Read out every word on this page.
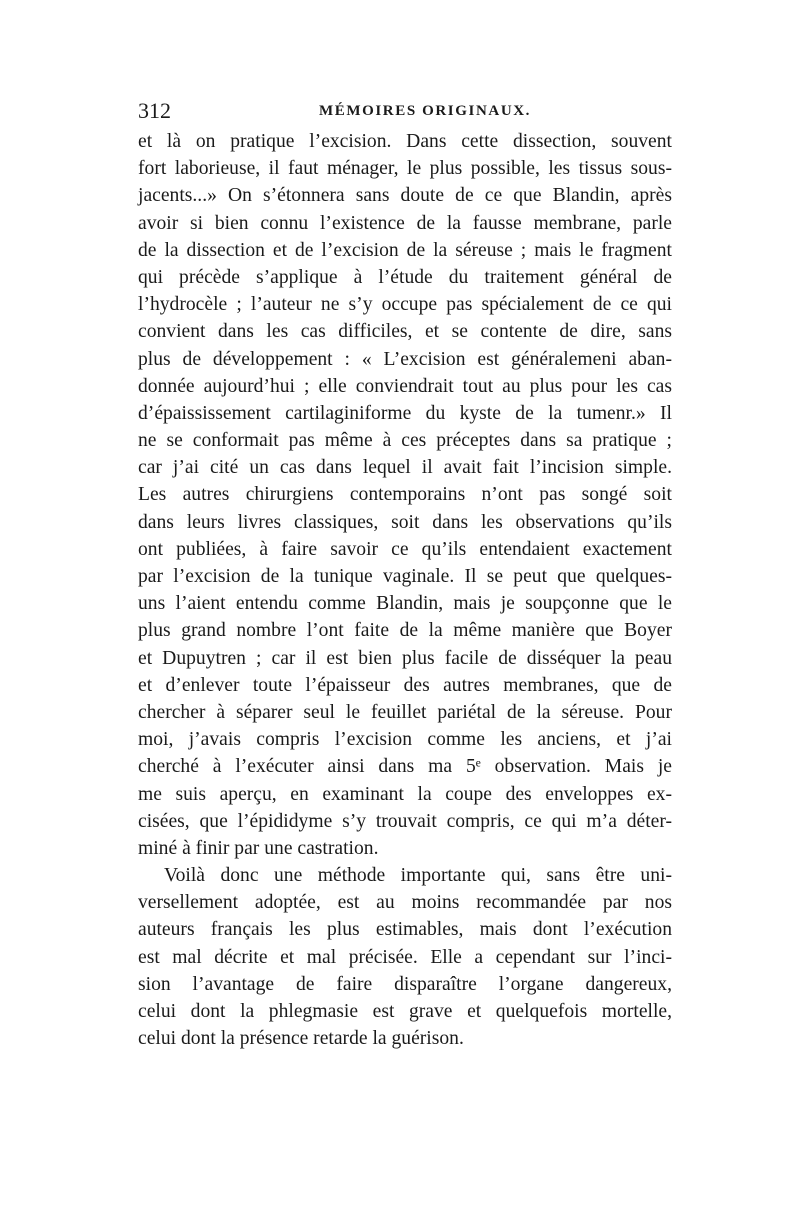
312	MÉMOIRES ORIGINAUX.
et là on pratique l’excision. Dans cette dissection, souvent
fort laborieuse, il faut ménager, le plus possible, les tissus sous-
jacents...» On s’étonnera sans doute de ce que Blandin, après
avoir si bien connu l’existence de la fausse membrane, parle
de la dissection et de l’excision de la séreuse ; mais le fragment
qui précède s’applique à l’étude du traitement général de
l’hydrocèle ; l’auteur ne s’y occupe pas spécialement de ce qui
convient dans les cas difficiles, et se contente de dire, sans
plus de développement : « L’excision est généralemeni aban-
donnée aujourd’hui ; elle conviendrait tout au plus pour les cas
d’épaississement cartilaginiforme du kyste de la tumenr.» Il
ne se conformait pas même à ces préceptes dans sa pratique ;
car j’ai cité un cas dans lequel il avait fait l’incision simple.
Les autres chirurgiens contemporains n’ont pas songé soit
dans leurs livres classiques, soit dans les observations qu’ils
ont publiées, à faire savoir ce qu’ils entendaient exactement
par l’excision de la tunique vaginale. Il se peut que quelques-
uns l’aient entendu comme Blandin, mais je soupçonne que le
plus grand nombre l’ont faite de la même manière que Boyer
et Dupuytren ; car il est bien plus facile de disséquer la peau
et d’enlever toute l’épaisseur des autres membranes, que de
chercher à séparer seul le feuillet pariétal de la séreuse. Pour
moi, j’avais compris l’excision comme les anciens, et j’ai
cherché à l’exécuter ainsi dans ma 5ᵉ observation. Mais je
me suis aperçu, en examinant la coupe des enveloppes ex-
cisées, que l’épididyme s’y trouvait compris, ce qui m’a déter-
miné à finir par une castration.
Voilà donc une méthode importante qui, sans être uni-
versellement adoptée, est au moins recommandée par nos
auteurs français les plus estimables, mais dont l’exécution
est mal décrite et mal précisée. Elle a cependant sur l’inci-
sion l’avantage de faire disparaître l’organe dangereux,
celui dont la phlegmasie est grave et quelquefois mortelle,
celui dont la présence retarde la guérison.
